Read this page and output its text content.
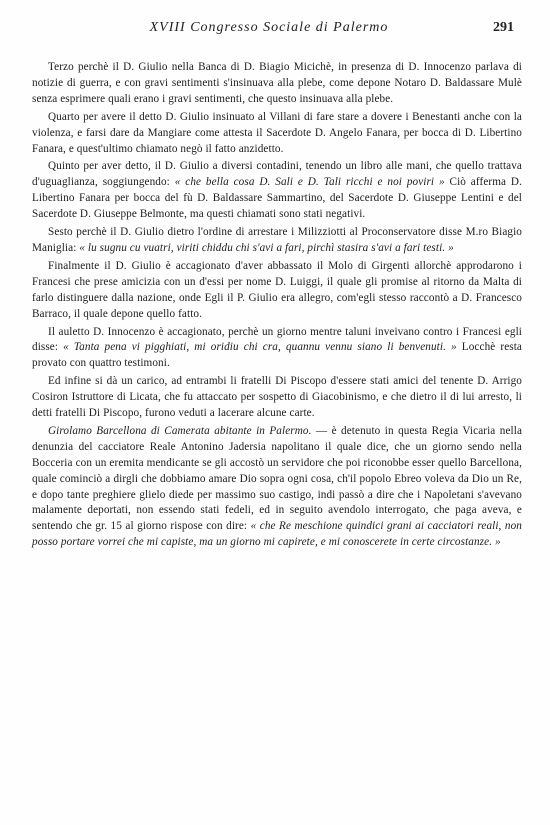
XVIII Congresso Sociale di Palermo	291

Terzo perchè il D. Giulio nella Banca di D. Biagio Micichè, in presenza di D. Innocenzo parlava di notizie di guerra, e con gravi sentimenti s'insinuava alla plebe, come depone Notaro D. Baldassare Mulè senza esprimere quali erano i gravi sentimenti, che questo insinuava alla plebe.

Quarto per avere il detto D. Giulio insinuato al Villani di fare stare a dovere i Benestanti anche con la violenza, e farsi dare da Mangiare come attesta il Sacerdote D. Angelo Fanara, per bocca di D. Libertino Fanara, e quest'ultimo chiamato negò il fatto anzidetto.

Quinto per aver detto, il D. Giulio a diversi contadini, tenendo un libro alle mani, che quello trattava d'uguaglianza, soggiungendo: « che bella cosa D. Sali e D. Tali ricchi e noi poviri » Ciò afferma D. Libertino Fanara per bocca del fù D. Baldassare Sammartino, del Sacerdote D. Giuseppe Lentini e del Sacerdote D. Giuseppe Belmonte, ma questi chiamati sono stati negativi.

Sesto perchè il D. Giulio dietro l'ordine di arrestare i Milizziotti al Proconservatore disse M.ro Biagio Maniglia: « lu sugnu cu vuatri, viriti chiddu chi s'avi a fari, pirchì stasira s'avi a fari testi. »

Finalmente il D. Giulio è accagionato d'aver abbassato il Molo di Girgenti allorchè approdarono i Francesi che prese amicizia con un d'essi per nome D. Luiggi, il quale gli promise al ritorno da Malta di farlo distinguere dalla nazione, onde Egli il P. Giulio era allegro, com'egli stesso raccontò a D. Francesco Barraco, il quale depone quello fatto.

Il auletto D. Innocenzo è accagionato, perchè un giorno mentre taluni inveivano contro i Francesi egli disse: « Tanta pena vi pigghiati, mi oridiu chi cra, quannu vennu siano li benvenuti. » Locchè resta provato con quattro testimoni.

Ed infine si dà un carico, ad entrambi li fratelli Di Piscopo d'essere stati amici del tenente D. Arrigo Cosiron Istruttore di Licata, che fu attaccato per sospetto di Giacobinismo, e che dietro il di lui arresto, li detti fratelli Di Piscopo, furono veduti a lacerare alcune carte.

Girolamo Barcellona di Camerata abitante in Palermo. — è detenuto in questa Regia Vicaria nella denunzia del cacciatore Reale Antonino Jadersia napolitano il quale dice, che un giorno sendo nella Bocceria con un eremita mendicante se gli accostò un servidore che poi riconobbe esser quello Barcellona, quale cominciò a dirgli che dobbiamo amare Dio sopra ogni cosa, ch'il popolo Ebreo voleva da Dio un Re, e dopo tante preghiere glielo diede per massimo suo castigo, indi passò a dire che i Napoletani s'avevano malamente deportati, non essendo stati fedeli, ed in seguito avendolo interrogato, che paga aveva, e sentendo che gr. 15 al giorno rispose con dire: « che Re meschione quindici grani ai cacciatori reali, non posso portare vorrei che mi capiste, ma un giorno mi capirete, e mi conoscerete in certe circostanze. »
